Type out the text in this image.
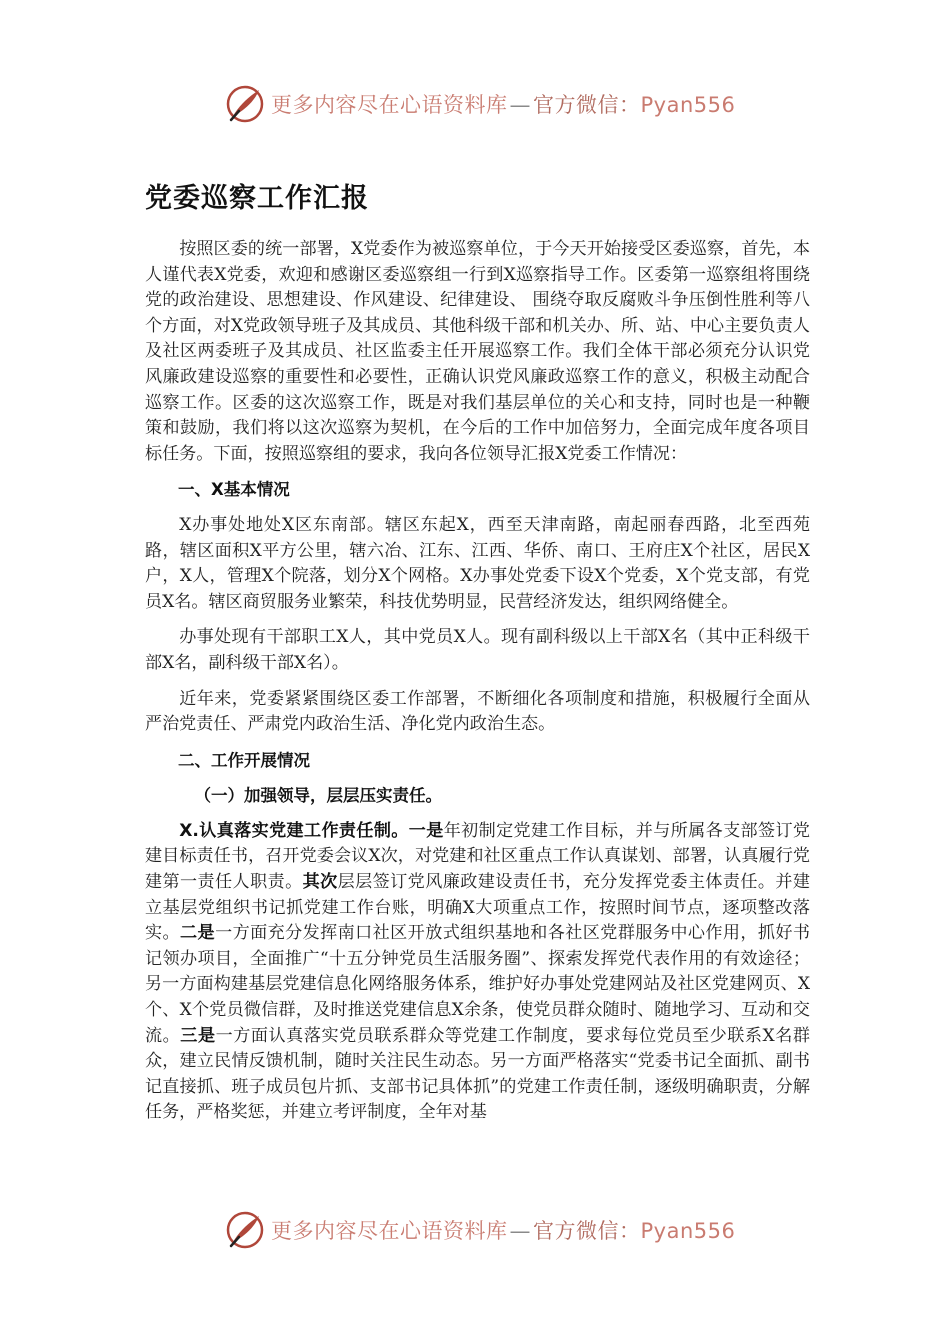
更多内容尽在心语资料库—官方微信：Pyan556
党委巡察工作汇报

按照区委的统一部署，X党委作为被巡察单位，于今天开始接受区委巡察，首先，本人谨代表X党委，欢迎和感谢区委巡察组一行到X巡察指导工作。区委第一巡察组将围绕党的政治建设、思想建设、作风建设、纪律建设、 围绕夺取反腐败斗争压倒性胜利等八个方面，对X党政领导班子及其成员、其他科级干部和机关办、所、站、中心主要负责人及社区两委班子及其成员、社区监委主任开展巡察工作。我们全体干部必须充分认识党风廉政建设巡察的重要性和必要性，正确认识党风廉政巡察工作的意义，积极主动配合巡察工作。区委的这次巡察工作，既是对我们基层单位的关心和支持，同时也是一种鞭策和鼓励，我们将以这次巡察为契机，在今后的工作中加倍努力，全面完成年度各项目标任务。下面，按照巡察组的要求，我向各位领导汇报X党委工作情况：

一、X基本情况

X办事处地处X区东南部。辖区东起X，西至天津南路，南起丽春西路，北至西苑路，辖区面积X平方公里，辖六冶、江东、江西、华侨、南口、王府庄X个社区，居民X户，X人，管理X个院落，划分X个网格。X办事处党委下设X个党委，X个党支部，有党员X名。辖区商贸服务业繁荣，科技优势明显，民营经济发达，组织网络健全。

办事处现有干部职工X人，其中党员X人。现有副科级以上干部X名（其中正科级干部X名，副科级干部X名）。

近年来，党委紧紧围绕区委工作部署，不断细化各项制度和措施，积极履行全面从严治党责任、严肃党内政治生活、净化党内政治生态。

二、工作开展情况
（一）加强领导，层层压实责任。

X.认真落实党建工作责任制。一是年初制定党建工作目标，并与所属各支部签订党建目标责任书，召开党委会议X次，对党建和社区重点工作认真谋划、部署，认真履行党建第一责任人职责。其次层层签订党风廉政建设责任书，充分发挥党委主体责任。并建立基层党组织书记抓党建工作台账，明确X大项重点工作，按照时间节点，逐项整改落实。二是一方面充分发挥南口社区开放式组织基地和各社区党群服务中心作用，抓好书记领办项目，全面推广“十五分钟党员生活服务圈”、探索发挥党代表作用的有效途径；另一方面构建基层党建信息化网络服务体系，维护好办事处党建网站及社区党建网页、X个、X个党员微信群，及时推送党建信息X余条，使党员群众随时、随地学习、互动和交流。三是一方面认真落实党员联系群众等党建工作制度，要求每位党员至少联系X名群众，建立民情反馈机制，随时关注民生动态。另一方面严格落实“党委书记全面抓、副书记直接抓、班子成员包片抓、支部书记具体抓”的党建工作责任制，逐级明确职责，分解任务，严格奖惩，并建立考评制度，全年对基

更多内容尽在心语资料库—官方微信：Pyan556
